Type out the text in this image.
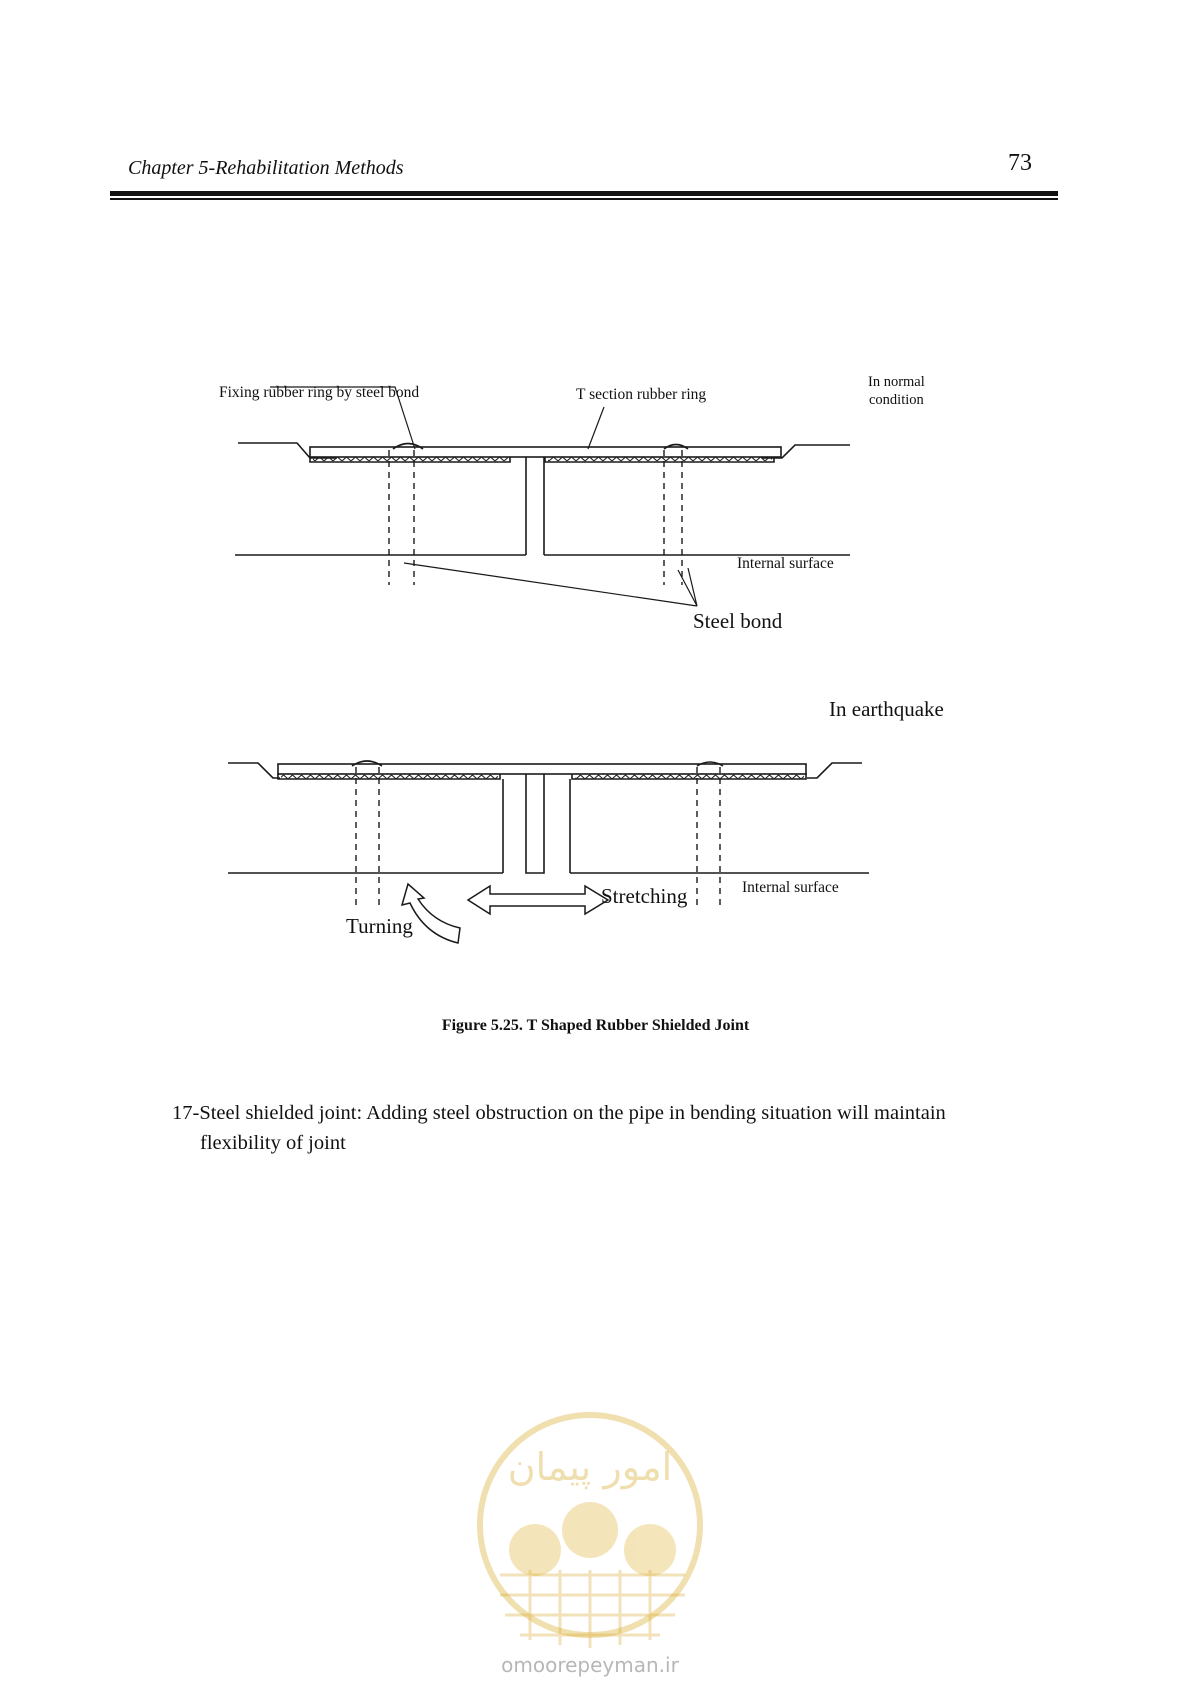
Chapter 5-Rehabilitation Methods	73
Fixing rubber ring by steel bond	T section rubber ring
In normal
condition
Internal surface
Steel bond
In earthquake
Stretching	Internal surface
Turning
Figure 5.25. T Shaped Rubber Shielded Joint
17-Steel shielded joint: Adding steel obstruction on the pipe in bending situation will maintain
flexibility of joint
امور پیمان
omoorepeyman.ir
